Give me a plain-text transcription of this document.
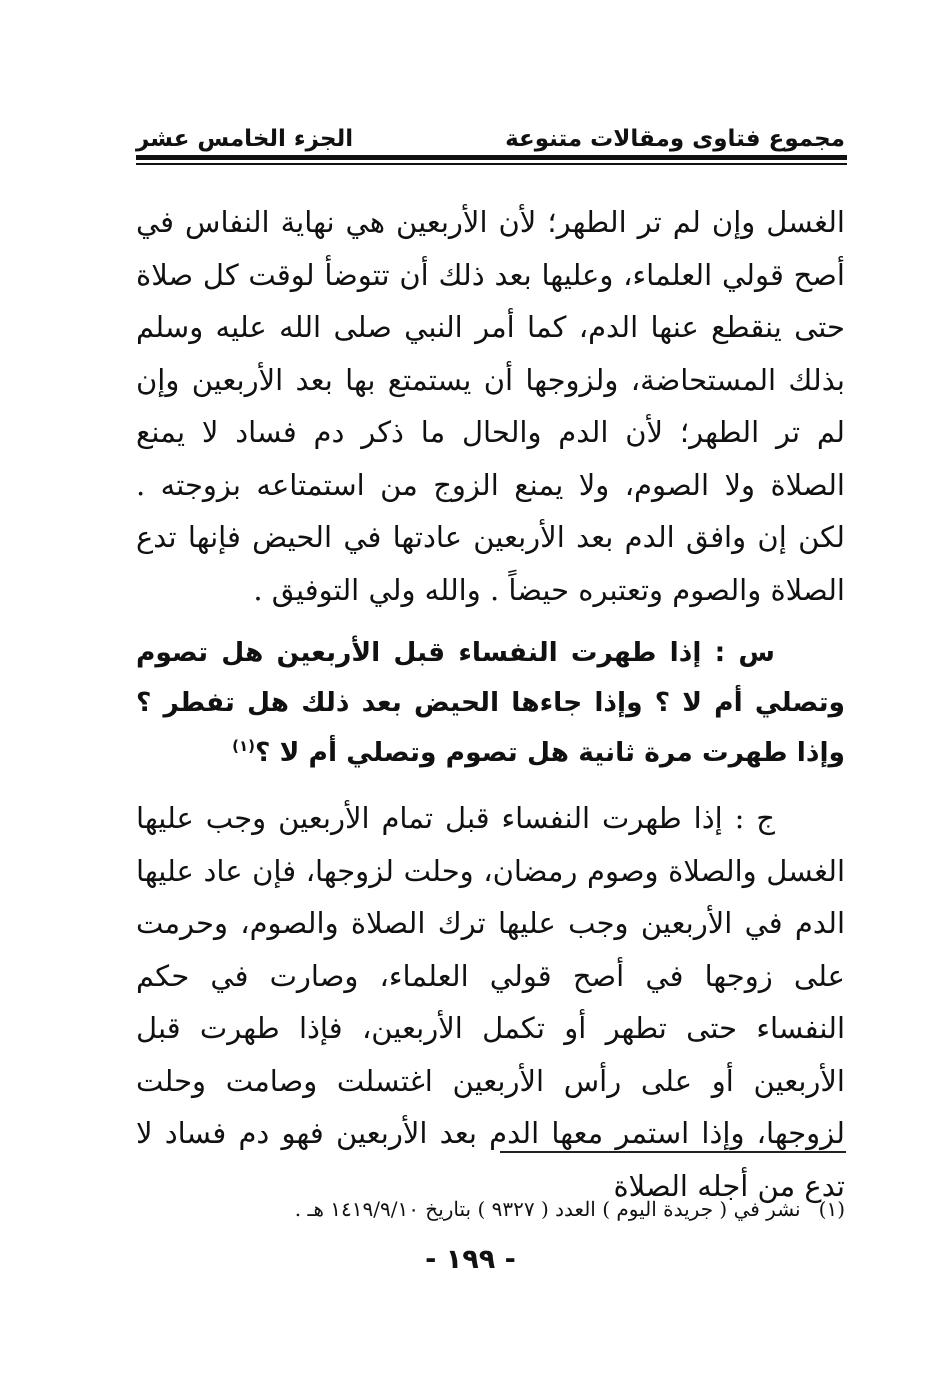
مجموع فتاوى ومقالات متنوعة
الجزء الخامس عشر

الغسل وإن لم تر الطهر؛ لأن الأربعين هي نهاية النفاس في أصح قولي العلماء، وعليها بعد ذلك أن تتوضأ لوقت كل صلاة حتى ينقطع عنها الدم، كما أمر النبي صلى الله عليه وسلم بذلك المستحاضة، ولزوجها أن يستمتع بها بعد الأربعين وإن لم تر الطهر؛ لأن الدم والحال ما ذكر دم فساد لا يمنع الصلاة ولا الصوم، ولا يمنع الزوج من استمتاعه بزوجته . لكن إن وافق الدم بعد الأربعين عادتها في الحيض فإنها تدع الصلاة والصوم وتعتبره حيضاً . والله ولي التوفيق .

س : إذا طهرت النفساء قبل الأربعين هل تصوم وتصلي أم لا ؟ وإذا جاءها الحيض بعد ذلك هل تفطر ؟ وإذا طهرت مرة ثانية هل تصوم وتصلي أم لا ؟$^{(١)}$

ج : إذا طهرت النفساء قبل تمام الأربعين وجب عليها الغسل والصلاة وصوم رمضان، وحلت لزوجها، فإن عاد عليها الدم في الأربعين وجب عليها ترك الصلاة والصوم، وحرمت على زوجها في أصح قولي العلماء، وصارت في حكم النفساء حتى تطهر أو تكمل الأربعين، فإذا طهرت قبل الأربعين أو على رأس الأربعين اغتسلت وصامت وحلت لزوجها، وإذا استمر معها الدم بعد الأربعين فهو دم فساد لا تدع من أجله الصلاة

(١)نشر في ( جريدة اليوم ) العدد ( ٩٣٢٧ ) بتاريخ ١٤١٩/٩/١٠ هـ .
- ١٩٩ -
